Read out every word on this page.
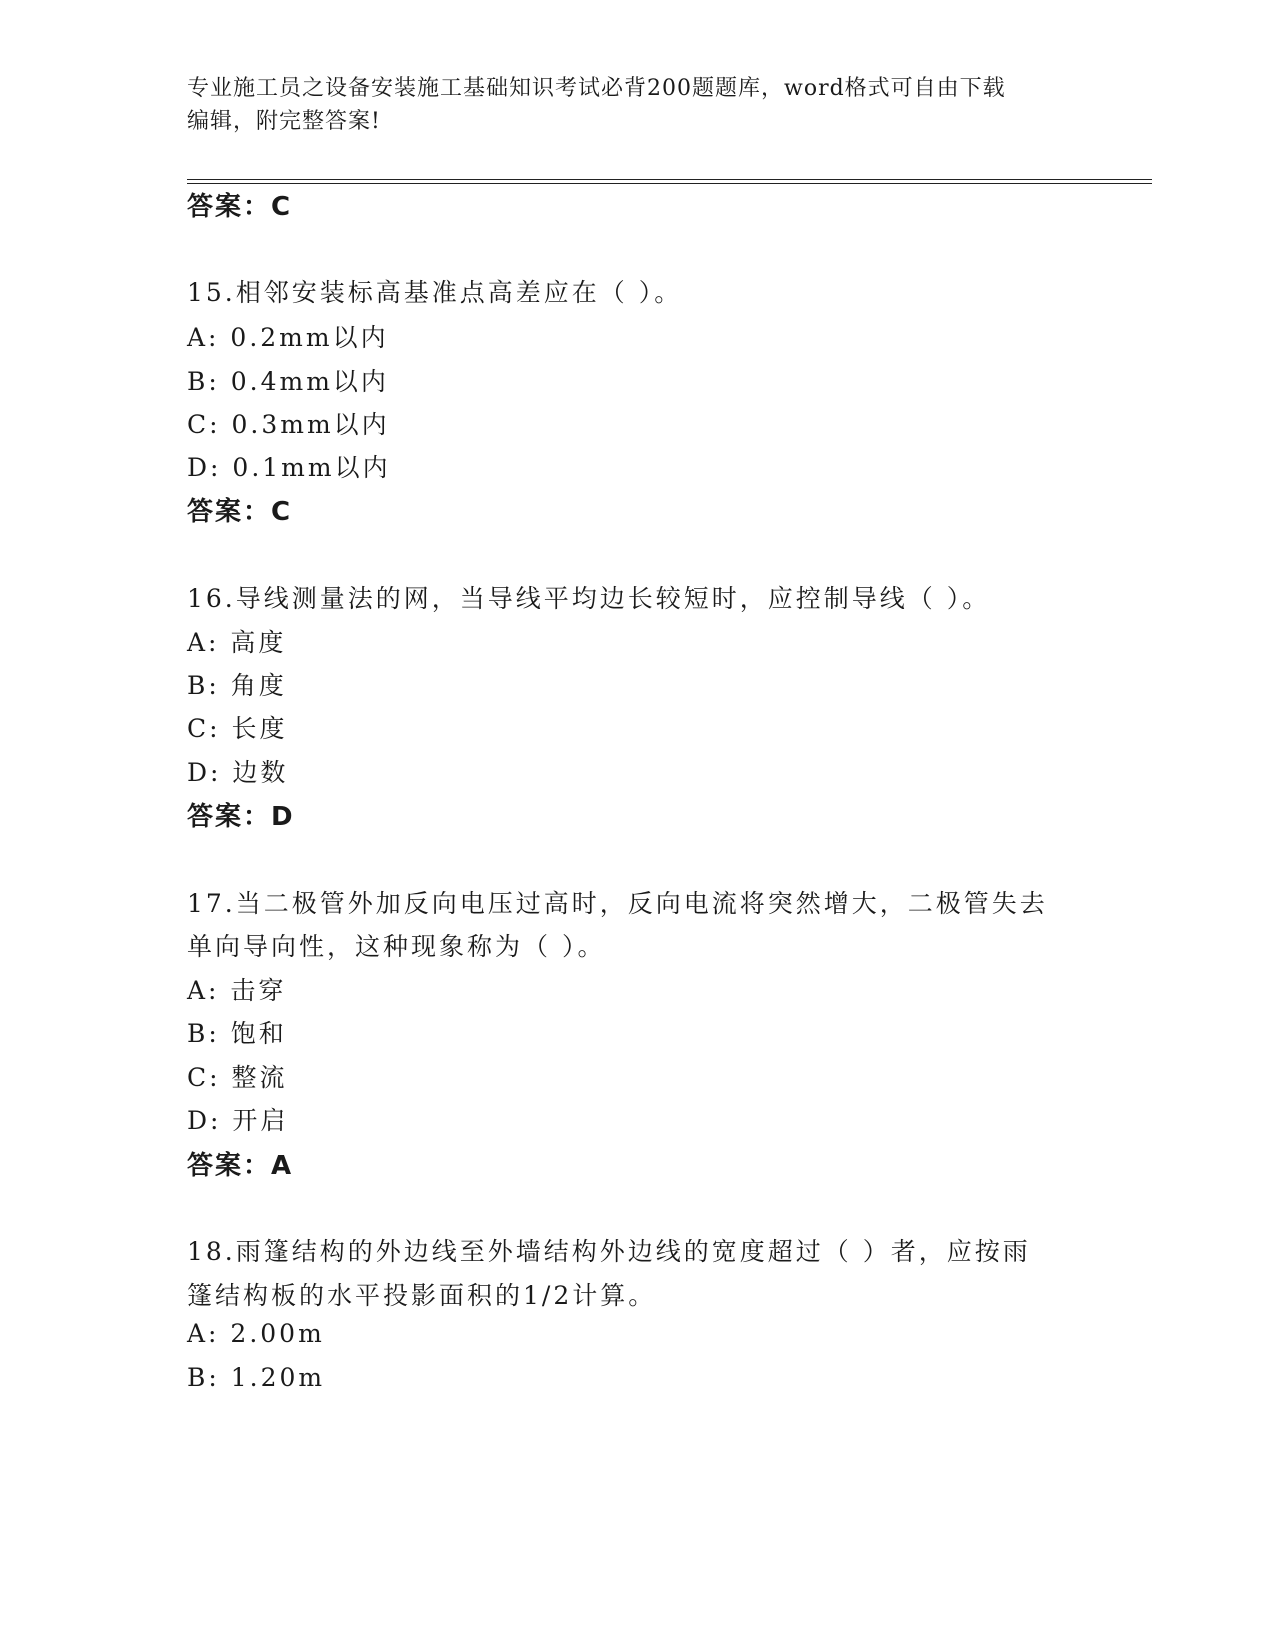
专业施工员之设备安装施工基础知识考试必背200题题库，word格式可自由下载
编辑，附完整答案!
答案：C
15.相邻安装标高基准点高差应在（ ）。
A: 0.2mm以内
B: 0.4mm以内
C: 0.3mm以内
D: 0.1mm以内
答案：C
16.导线测量法的网，当导线平均边长较短时，应控制导线（ ）。
A: 高度
B: 角度
C: 长度
D: 边数
答案：D
17.当二极管外加反向电压过高时，反向电流将突然增大，二极管失去
单向导向性，这种现象称为（ ）。
A: 击穿
B: 饱和
C: 整流
D: 开启
答案：A
18.雨篷结构的外边线至外墙结构外边线的宽度超过（ ）者，应按雨
篷结构板的水平投影面积的1/2计算。
A: 2.00m
B: 1.20m
